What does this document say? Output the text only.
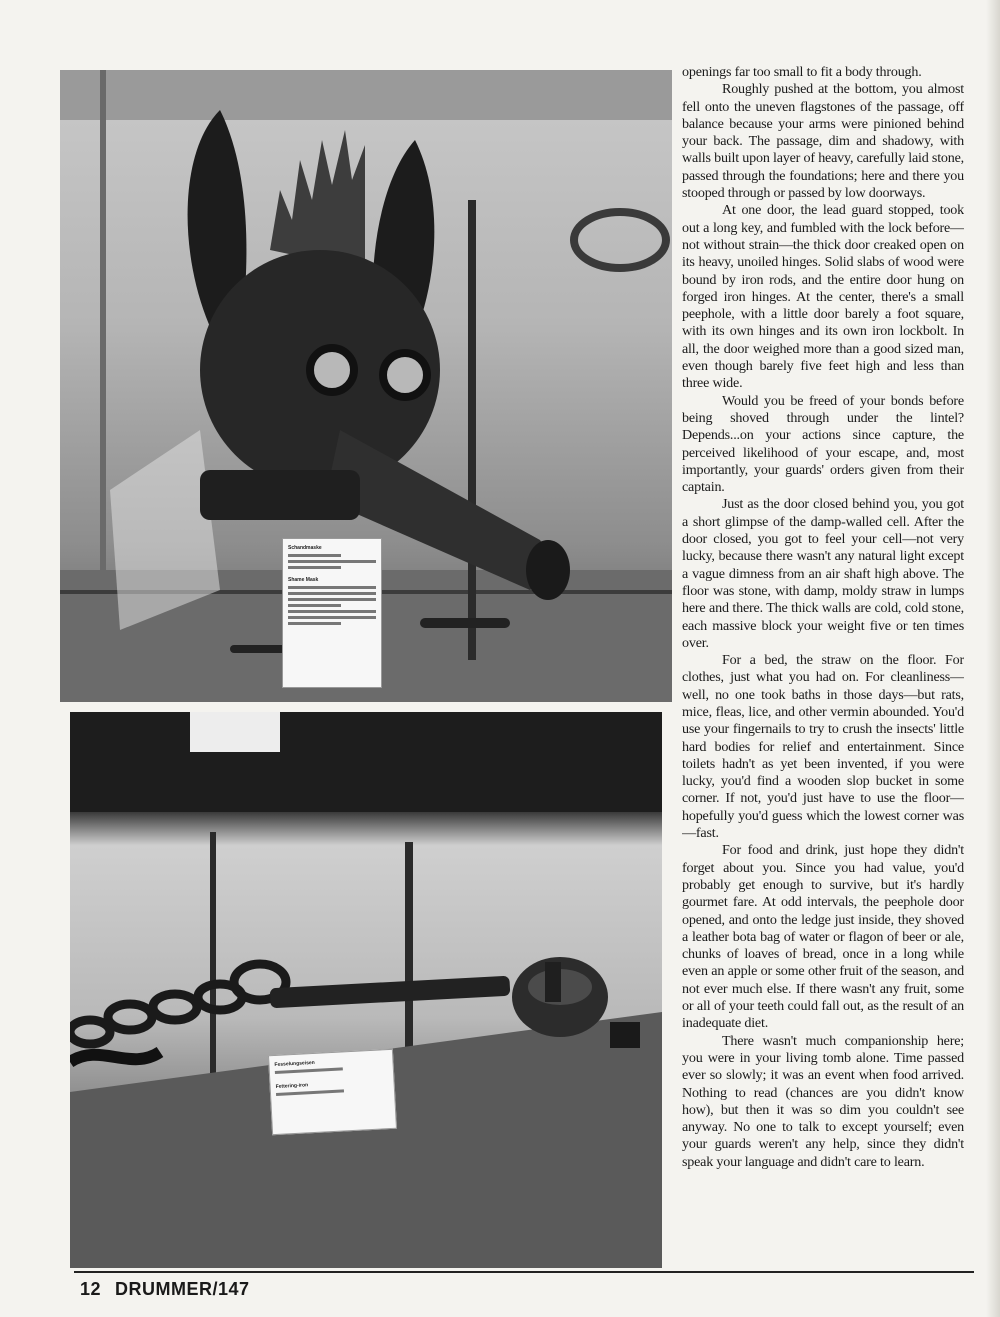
Schandmaske
Shame Mask
Fesselungseisen
Fettering-iron

openings far too small to fit a body through.

Roughly pushed at the bottom, you almost fell onto the uneven flagstones of the passage, off balance because your arms were pinioned behind your back. The passage, dim and shadowy, with walls built upon layer of heavy, carefully laid stone, passed through the foundations; here and there you stooped through or passed by low doorways.

At one door, the lead guard stopped, took out a long key, and fumbled with the lock before—not without strain—the thick door creaked open on its heavy, unoiled hinges. Solid slabs of wood were bound by iron rods, and the entire door hung on forged iron hinges. At the center, there's a small peephole, with a little door barely a foot square, with its own hinges and its own iron lockbolt. In all, the door weighed more than a good sized man, even though barely five feet high and less than three wide.

Would you be freed of your bonds before being shoved through under the lintel? Depends...on your actions since capture, the perceived likelihood of your escape, and, most importantly, your guards' orders given from their captain.

Just as the door closed behind you, you got a short glimpse of the damp-walled cell. After the door closed, you got to feel your cell—not very lucky, because there wasn't any natural light except a vague dimness from an air shaft high above. The floor was stone, with damp, moldy straw in lumps here and there. The thick walls are cold, cold stone, each massive block your weight five or ten times over.

For a bed, the straw on the floor. For clothes, just what you had on. For cleanliness—well, no one took baths in those days—but rats, mice, fleas, lice, and other vermin abounded. You'd use your fingernails to try to crush the insects' little hard bodies for relief and entertainment. Since toilets hadn't as yet been invented, if you were lucky, you'd find a wooden slop bucket in some corner. If not, you'd just have to use the floor—hopefully you'd guess which the lowest corner was—fast.

For food and drink, just hope they didn't forget about you. Since you had value, you'd probably get enough to survive, but it's hardly gourmet fare. At odd intervals, the peephole door opened, and onto the ledge just inside, they shoved a leather bota bag of water or flagon of beer or ale, chunks of loaves of bread, once in a long while even an apple or some other fruit of the season, and not ever much else. If there wasn't any fruit, some or all of your teeth could fall out, as the result of an inadequate diet.

There wasn't much companionship here; you were in your living tomb alone. Time passed ever so slowly; it was an event when food arrived. Nothing to read (chances are you didn't know how), but then it was so dim you couldn't see anyway. No one to talk to except yourself; even your guards weren't any help, since they didn't speak your language and didn't care to learn.

12 DRUMMER/147
